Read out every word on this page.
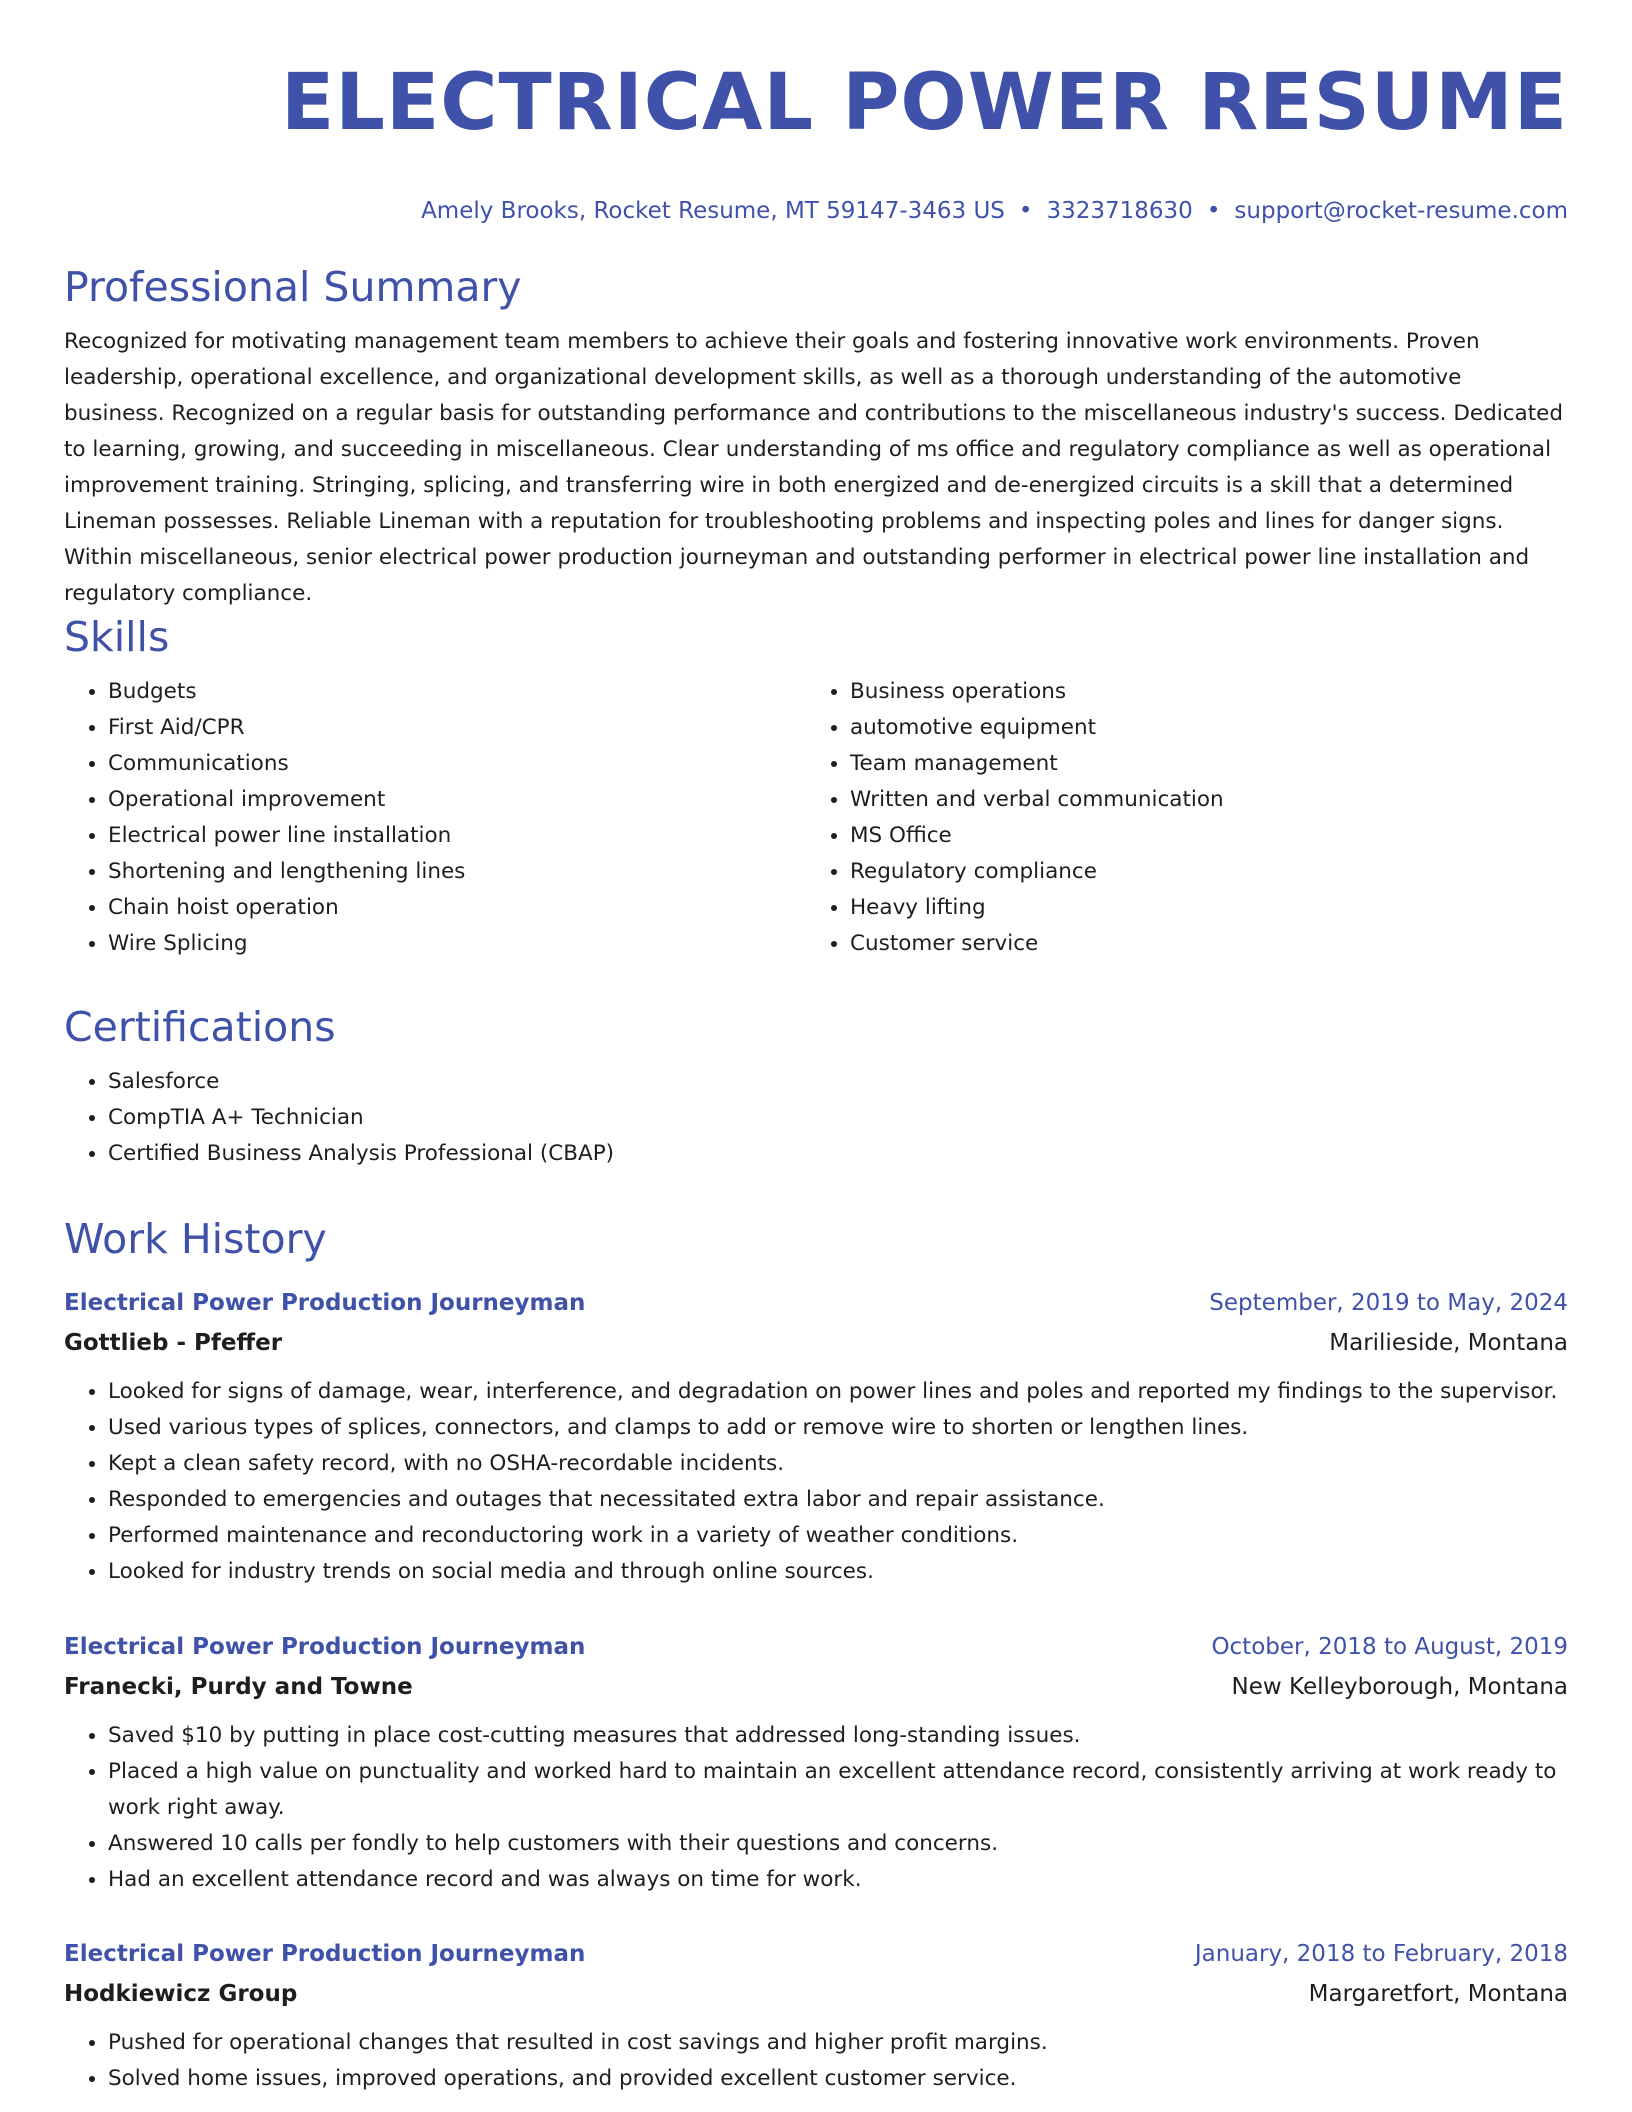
ELECTRICAL POWER RESUME
Amely Brooks, Rocket Resume, MT 59147-3463 US • 3323718630 • support@rocket-resume.com
Professional Summary

Recognized for motivating management team members to achieve their goals and fostering innovative work environments. Proven leadership, operational excellence, and organizational development skills, as well as a thorough understanding of the automotive business. Recognized on a regular basis for outstanding performance and contributions to the miscellaneous industry's success. Dedicated to learning, growing, and succeeding in miscellaneous. Clear understanding of ms office and regulatory compliance as well as operational improvement training. Stringing, splicing, and transferring wire in both energized and de-energized circuits is a skill that a determined Lineman possesses. Reliable Lineman with a reputation for troubleshooting problems and inspecting poles and lines for danger signs. Within miscellaneous, senior electrical power production journeyman and outstanding performer in electrical power line installation and regulatory compliance.

Skills
• Budgets
• First Aid/CPR
• Communications
• Operational improvement
• Electrical power line installation
• Shortening and lengthening lines
• Chain hoist operation
• Wire Splicing
• Business operations
• automotive equipment
• Team management
• Written and verbal communication
• MS Office
• Regulatory compliance
• Heavy lifting
• Customer service
Certifications
• Salesforce
• CompTIA A+ Technician
• Certified Business Analysis Professional (CBAP)
Work History
Electrical Power Production Journeyman	September, 2019 to May, 2024
Gottlieb - Pfeffer	Marilieside, Montana
• Looked for signs of damage, wear, interference, and degradation on power lines and poles and reported my findings to the supervisor.
• Used various types of splices, connectors, and clamps to add or remove wire to shorten or lengthen lines.
• Kept a clean safety record, with no OSHA-recordable incidents.
• Responded to emergencies and outages that necessitated extra labor and repair assistance.
• Performed maintenance and reconductoring work in a variety of weather conditions.
• Looked for industry trends on social media and through online sources.
Electrical Power Production Journeyman	October, 2018 to August, 2019
Franecki, Purdy and Towne	New Kelleyborough, Montana
• Saved $10 by putting in place cost-cutting measures that addressed long-standing issues.
• Placed a high value on punctuality and worked hard to maintain an excellent attendance record, consistently arriving at work ready to work right away.
• Answered 10 calls per fondly to help customers with their questions and concerns.
• Had an excellent attendance record and was always on time for work.
Electrical Power Production Journeyman	January, 2018 to February, 2018
Hodkiewicz Group	Margaretfort, Montana
• Pushed for operational changes that resulted in cost savings and higher profit margins.
• Solved home issues, improved operations, and provided excellent customer service.
